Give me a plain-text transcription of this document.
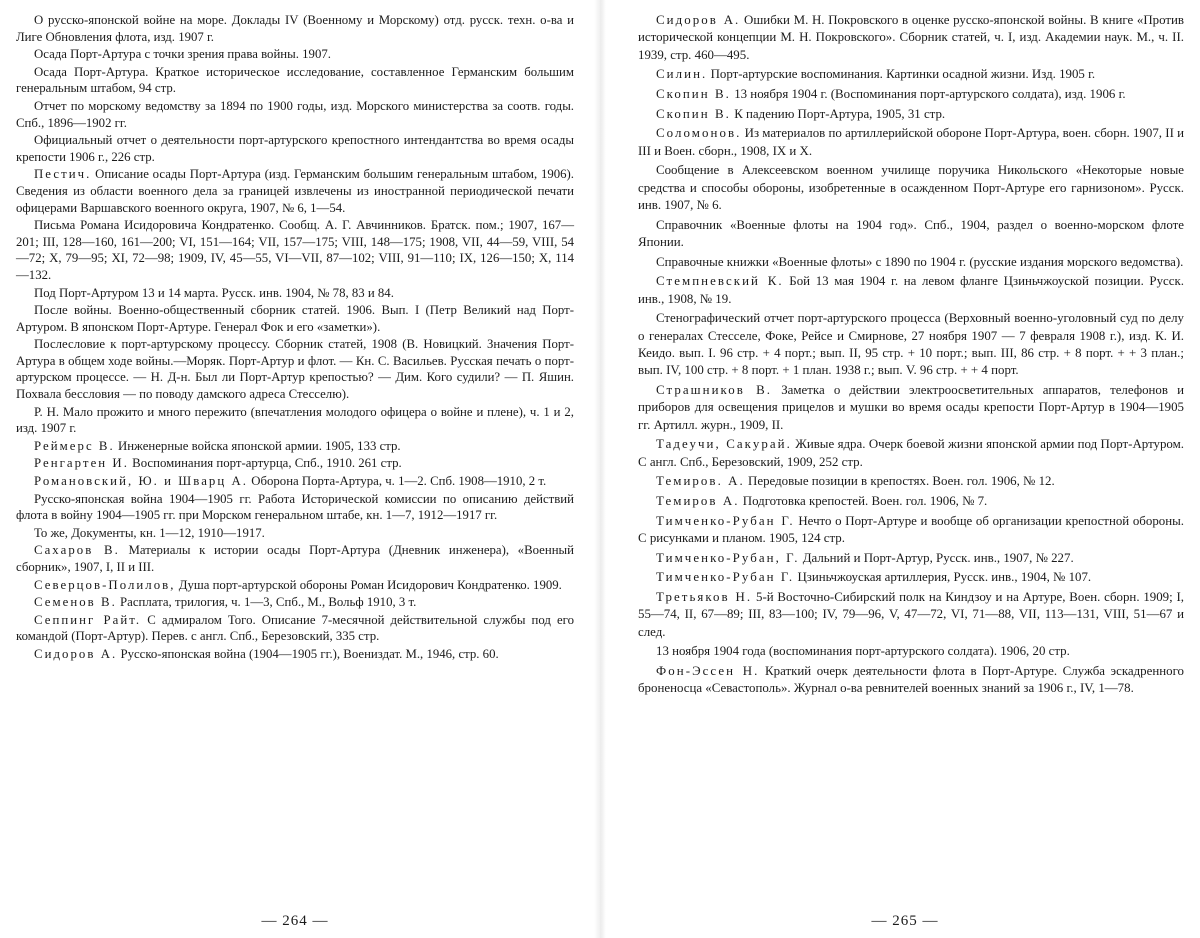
О русско-японской войне на море. Доклады IV (Военному и Морскому) отд. русск. техн. о-ва и Лиге Обновления флота, изд. 1907 г.

Осада Порт-Артура с точки зрения права войны. 1907.

Осада Порт-Артура. Краткое историческое исследование, составленное Германским большим генеральным штабом, 94 стр.

Отчет по морскому ведомству за 1894 по 1900 годы, изд. Морского министерства за соотв. годы. Спб., 1896—1902 гг.

Официальный отчет о деятельности порт-артурского крепостного интендантства во время осады крепости 1906 г., 226 стр.

Пестич. Описание осады Порт-Артура (изд. Германским большим генеральным штабом, 1906). Сведения из области военного дела за границей извлечены из иностранной периодической печати офицерами Варшавского военного округа, 1907, № 6, 1—54.

Письма Романа Исидоровича Кондратенко. Сообщ. А. Г. Авчинников. Братск. пом.; 1907, 167—201; III, 128—160, 161—200; VI, 151—164; VII, 157—175; VIII, 148—175; 1908, VII, 44—59, VIII, 54—72; X, 79—95; XI, 72—98; 1909, IV, 45—55, VI—VII, 87—102; VIII, 91—110; IX, 126—150; X, 114—132.

Под Порт-Артуром 13 и 14 марта. Русск. инв. 1904, № 78, 83 и 84.

После войны. Военно-общественный сборник статей. 1906. Вып. I (Петр Великий над Порт-Артуром. В японском Порт-Артуре. Генерал Фок и его «заметки»).

Послесловие к порт-артурскому процессу. Сборник статей, 1908 (В. Новицкий. Значения Порт-Артура в общем ходе войны.—Моряк. Порт-Артур и флот. — Кн. С. Васильев. Русская печать о порт-артурском процессе. — Н. Д-н. Был ли Порт-Артур крепостью? — Дим. Кого судили? — П. Яшин. Похвала бессловия — по поводу дамского адреса Стесселю).

Р. Н. Мало прожито и много пережито (впечатления молодого офицера о войне и плене), ч. 1 и 2, изд. 1907 г.

Реймерс В. Инженерные войска японской армии. 1905, 133 стр.

Ренгартен И. Воспоминания порт-артурца, Спб., 1910. 261 стр.

Романовский, Ю. и Шварц А. Оборона Порта-Артура, ч. 1—2. Спб. 1908—1910, 2 т.

Русско-японская война 1904—1905 гг. Работа Исторической комиссии по описанию действий флота в войну 1904—1905 гг. при Морском генеральном штабе, кн. 1—7, 1912—1917 гг.

То же, Документы, кн. 1—12, 1910—1917.

Сахаров В. Материалы к истории осады Порт-Артура (Дневник инженера), «Военный сборник», 1907, I, II и III.

Северцов-Полилов, Душа порт-артурской обороны Роман Исидорович Кондратенко. 1909.

Семенов В. Расплата, трилогия, ч. 1—3, Спб., М., Вольф 1910, 3 т.

Сеппинг Райт. С адмиралом Того. Описание 7-месячной действительной службы под его командой (Порт-Артур). Перев. с англ. Спб., Березовский, 335 стр.

Сидоров А. Русско-японская война (1904—1905 гг.), Воениздат. М., 1946, стр. 60.

— 264 —

Сидоров А. Ошибки М. Н. Покровского в оценке русско-японской войны. В книге «Против исторической концепции М. Н. Покровского». Сборник статей, ч. I, изд. Академии наук. М., ч. II. 1939, стр. 460—495.

Силин. Порт-артурские воспоминания. Картинки осадной жизни. Изд. 1905 г.

Скопин В. 13 ноября 1904 г. (Воспоминания порт-артурского солдата), изд. 1906 г.

Скопин В. К падению Порт-Артура, 1905, 31 стр.

Соломонов. Из материалов по артиллерийской обороне Порт-Артура, воен. сборн. 1907, II и III и Воен. сборн., 1908, IX и X.

Сообщение в Алексеевском военном училище поручика Никольского «Некоторые новые средства и способы обороны, изобретенные в осажденном Порт-Артуре его гарнизоном». Русск. инв. 1907, № 6.

Справочник «Военные флоты на 1904 год». Спб., 1904, раздел о военно-морском флоте Японии.

Справочные книжки «Военные флоты» с 1890 по 1904 г. (русские издания морского ведомства).

Стемпневский К. Бой 13 мая 1904 г. на левом фланге Цзиньчжоуской позиции. Русск. инв., 1908, № 19.

Стенографический отчет порт-артурского процесса (Верховный военно-уголовный суд по делу о генералах Стесселе, Фоке, Рейсе и Смирнове, 27 ноября 1907 — 7 февраля 1908 г.), изд. К. И. Кеидо. вып. I. 96 стр. + 4 порт.; вып. II, 95 стр. + 10 порт.; вып. III, 86 стр. + 8 порт. + + 3 план.; вып. IV, 100 стр. + 8 порт. + 1 план. 1938 г.; вып. V. 96 стр. + + 4 порт.

Страшников В. Заметка о действии электроосветительных аппаратов, телефонов и приборов для освещения прицелов и мушки во время осады крепости Порт-Артур в 1904—1905 гг. Артилл. журн., 1909, II.

Тадеучи, Сакурай. Живые ядра. Очерк боевой жизни японской армии под Порт-Артуром. С англ. Спб., Березовский, 1909, 252 стр.

Темиров. А. Передовые позиции в крепостях. Воен. гол. 1906, № 12.

Темиров А. Подготовка крепостей. Воен. гол. 1906, № 7.

Тимченко-Рубан Г. Нечто о Порт-Артуре и вообще об организации крепостной обороны. С рисунками и планом. 1905, 124 стр.

Тимченко-Рубан, Г. Дальний и Порт-Артур, Русск. инв., 1907, № 227.

Тимченко-Рубан Г. Цзиньчжоуская артиллерия, Русск. инв., 1904, № 107.

Третьяков Н. 5-й Восточно-Сибирский полк на Киндзоу и на Артуре, Воен. сборн. 1909; I, 55—74, II, 67—89; III, 83—100; IV, 79—96, V, 47—72, VI, 71—88, VII, 113—131, VIII, 51—67 и след.

13 ноября 1904 года (воспоминания порт-артурского солдата). 1906, 20 стр.

Фон-Эссен Н. Краткий очерк деятельности флота в Порт-Артуре. Служба эскадренного броненосца «Севастополь». Журнал о-ва ревнителей военных знаний за 1906 г., IV, 1—78.

— 265 —
